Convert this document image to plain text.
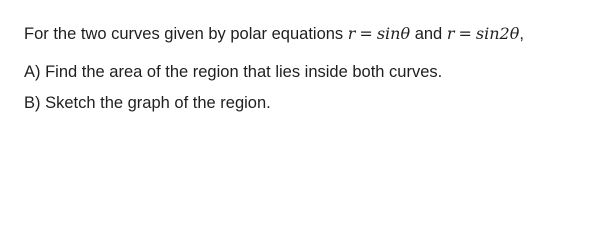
For the two curves given by polar equations r = sinθ and r = sin2θ,
A) Find the area of the region that lies inside both curves.
B) Sketch the graph of the region.
